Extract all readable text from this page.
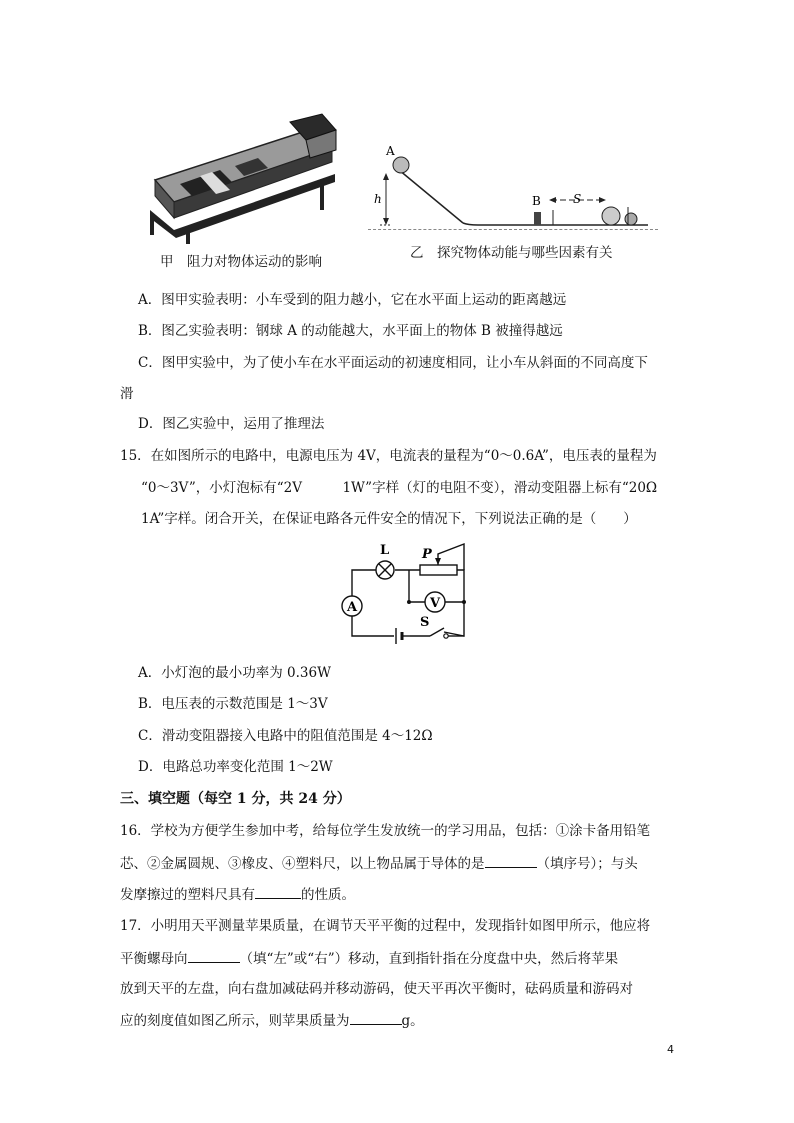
甲　阻力对物体运动的影响
A
h	B	S
乙　探究物体动能与哪些因素有关
A．图甲实验表明：小车受到的阻力越小，它在水平面上运动的距离越远
B．图乙实验表明：钢球 A 的动能越大，水平面上的物体 B 被撞得越远
C．图甲实验中，为了使小车在水平面运动的初速度相同，让小车从斜面的不同高度下
滑
D．图乙实验中，运用了推理法
15．在如图所示的电路中，电源电压为 4V，电流表的量程为“0～0.6A”，电压表的量程为
“0～3V”，小灯泡标有“2V　　　1W”字样（灯的电阻不变），滑动变阻器上标有“20Ω
1A”字样。闭合开关，在保证电路各元件安全的情况下，下列说法正确的是（　　）
L	P
A	V
S
A．小灯泡的最小功率为 0.36W
B．电压表的示数范围是 1～3V
C．滑动变阻器接入电路中的阻值范围是 4～12Ω
D．电路总功率变化范围 1～2W
三、填空题（每空 1 分，共 24 分）
16．学校为方便学生参加中考，给每位学生发放统一的学习用品，包括：①涂卡备用铅笔
芯、②金属圆规、③橡皮、④塑料尺，以上物品属于导体的是	（填序号）；与头
发摩擦过的塑料尺具有	的性质。
17．小明用天平测量苹果质量，在调节天平平衡的过程中，发现指针如图甲所示，他应将
平衡螺母向	（填“左”或“右”）移动，直到指针指在分度盘中央，然后将苹果
放到天平的左盘，向右盘加减砝码并移动游码，使天平再次平衡时，砝码质量和游码对
应的刻度值如图乙所示，则苹果质量为	g。
4
